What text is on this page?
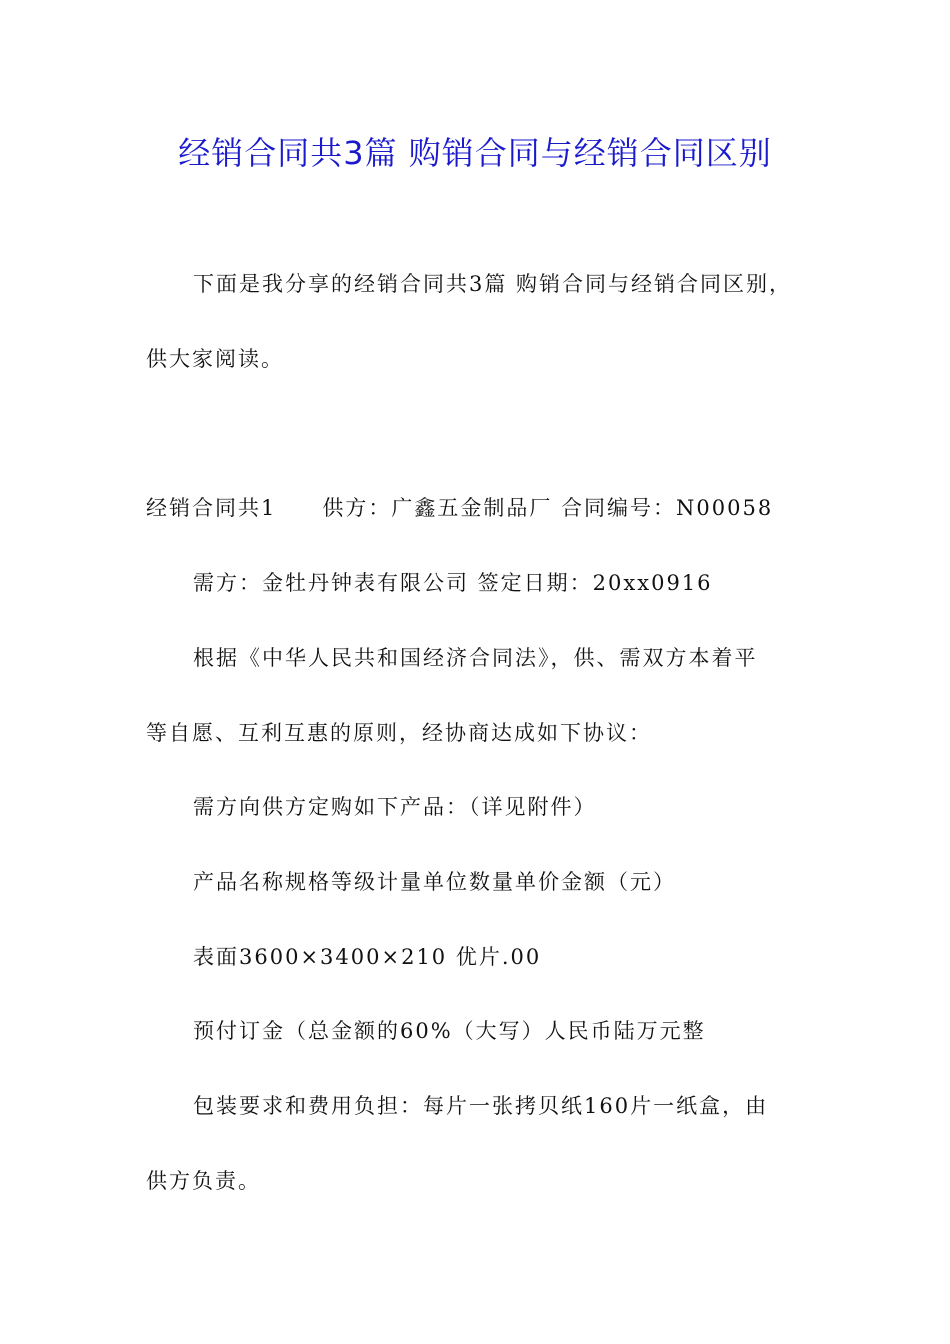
经销合同共3篇 购销合同与经销合同区别
下面是我分享的经销合同共3篇 购销合同与经销合同区别，
供大家阅读。
经销合同共1　　供方：广鑫五金制品厂 合同编号：N00058
需方：金牡丹钟表有限公司 签定日期：20xx0916
根据《中华人民共和国经济合同法》，供、需双方本着平
等自愿、互利互惠的原则，经协商达成如下协议：
需方向供方定购如下产品：（详见附件）
产品名称规格等级计量单位数量单价金额（元）
表面3600×3400×210 优片.00
预付订金（总金额的60%（大写）人民币陆万元整
包装要求和费用负担：每片一张拷贝纸160片一纸盒，由
供方负责。
